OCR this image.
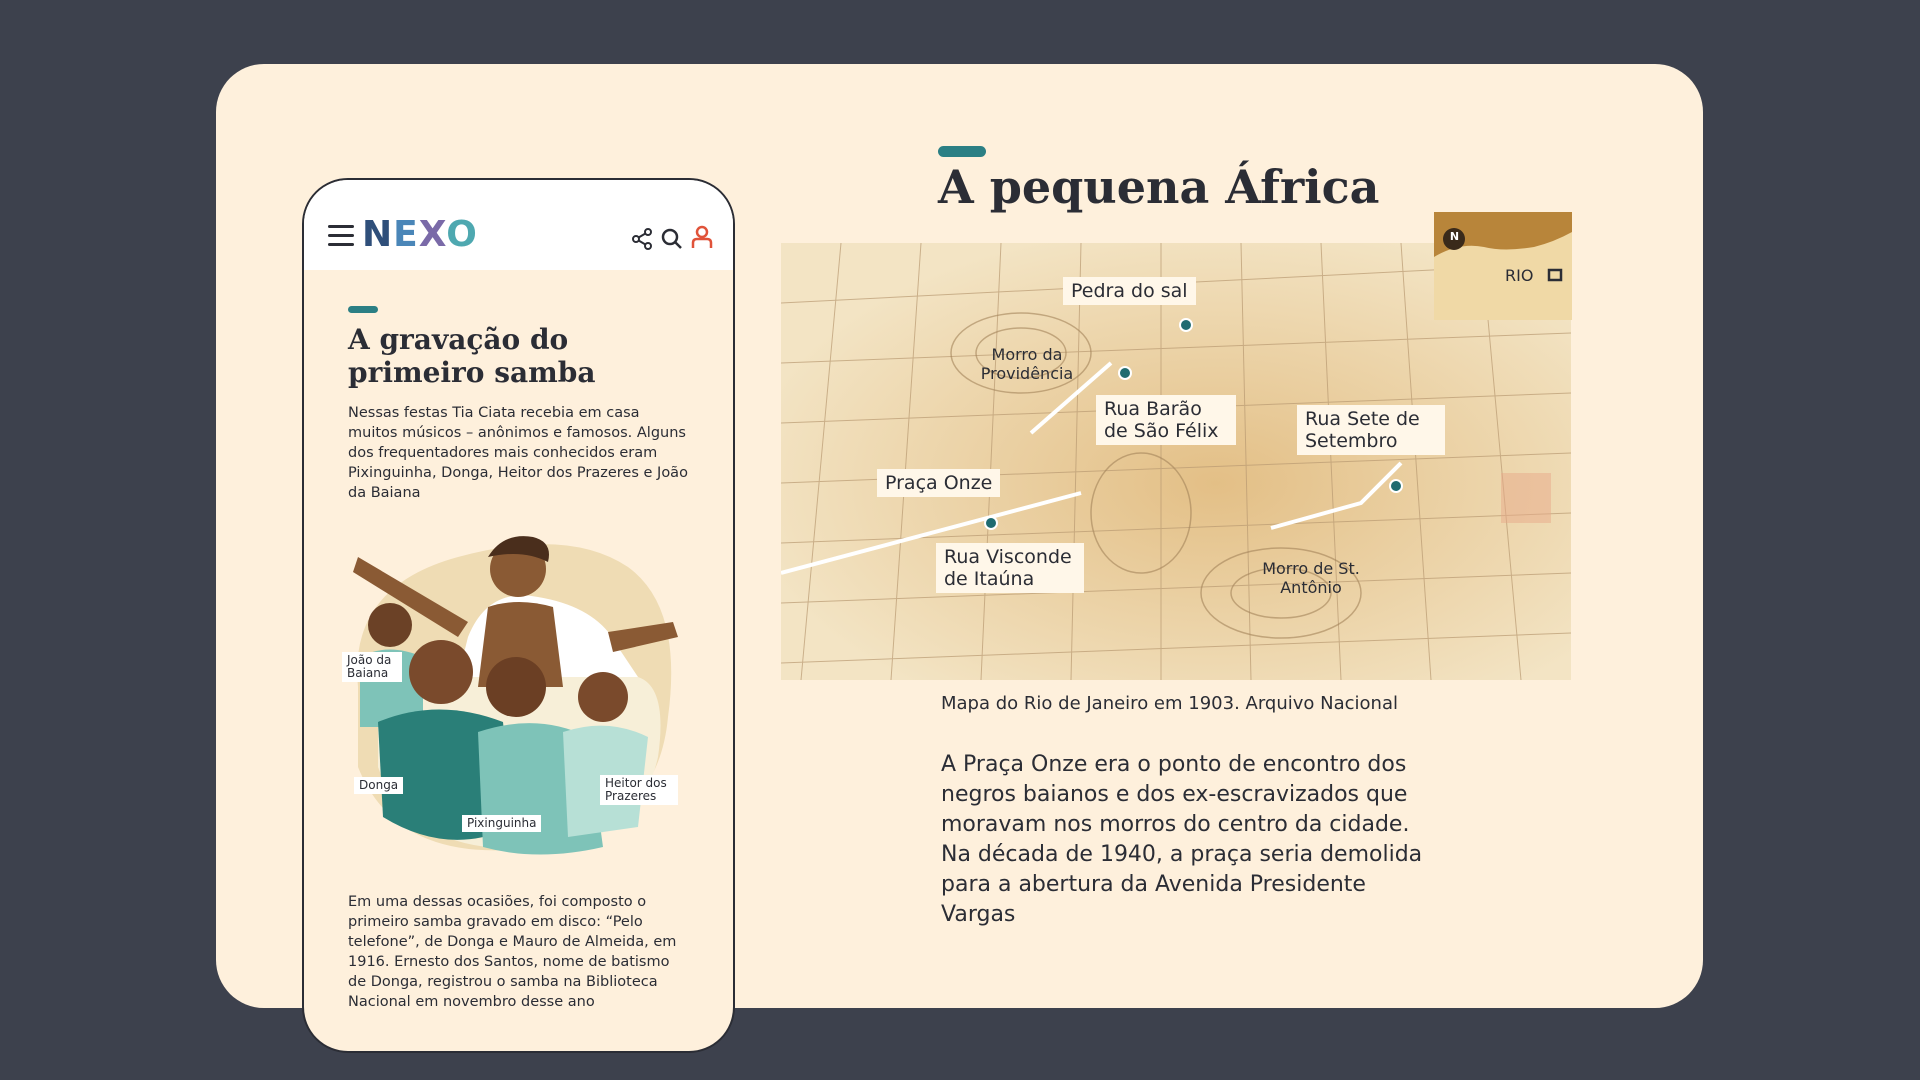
NEXO
A gravação do primeiro samba

Nessas festas Tia Ciata recebia em casa muitos músicos – anônimos e famosos. Alguns dos frequentadores mais conhecidos eram Pixinguinha, Donga, Heitor dos Prazeres e João da Baiana

João da Baiana
Donga
Pixinguinha
Heitor dos Prazeres

Em uma dessas ocasiões, foi composto o primeiro samba gravado em disco: “Pelo telefone”, de Donga e Mauro de Almeida, em 1916. Ernesto dos Santos, nome de batismo de Donga, registrou o samba na Biblioteca Nacional em novembro desse ano

A pequena África
Pedra do sal
Morro da Providência
Rua Barão de São Félix
Rua Sete de Setembro
Praça Onze
Rua Visconde de Itaúna	Morro de St. Antônio
N
RIO
Mapa do Rio de Janeiro em 1903. Arquivo Nacional

A Praça Onze era o ponto de encontro dos negros baianos e dos ex-escravizados que moravam nos morros do centro da cidade. Na década de 1940, a praça seria demolida para a abertura da Avenida Presidente Vargas
